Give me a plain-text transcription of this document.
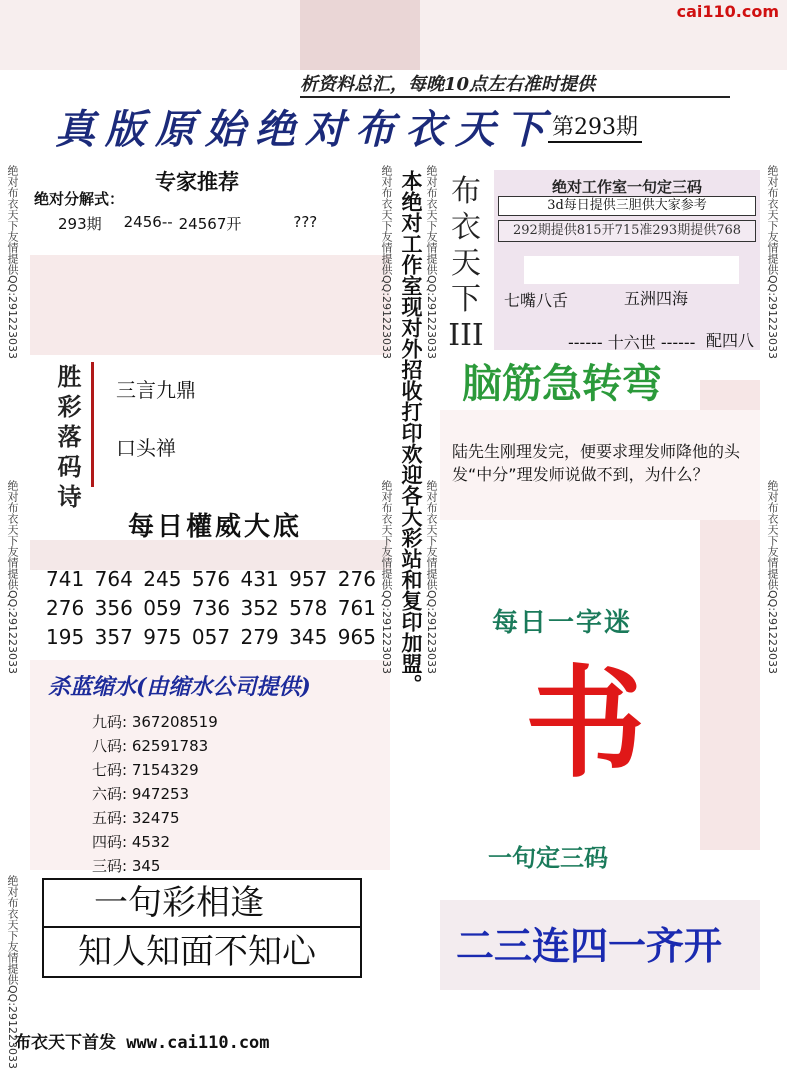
绝对布衣天下友情提供QQ:291223033
绝对布衣天下友情提供QQ:291223033
绝对布衣天下友情提供QQ:291223033
绝对布衣天下友情提供QQ:291223033
绝对布衣天下友情提供QQ:291223033
绝对布衣天下友情提供QQ:291223033
绝对布衣天下友情提供QQ:291223033
绝对布衣天下友情提供QQ:291223033
绝对布衣天下友情提供QQ:291223033
cai110.com
析资料总汇，每晚10点左右准时提供
真版原始绝对布衣天下
第293期
专家推荐
绝对分解式：
293期 2456-- 24567开	???
胜彩落码诗
三言九鼎
口头禅
每日權威大底
741 764 245 576 431 957 276
276 356 059 736 352 578 761
195 357 975 057 279 345 965
杀蓝缩水(由缩水公司提供)
九码: 367208519
八码: 62591783
七码: 7154329
六码: 947253
五码: 32475
四码: 4532
三码: 345
一句彩相逢
知人知面不知心
布衣天下首发 www.cai110.com
本绝对工作室现对外招收打印欢迎各大彩站和复印加盟。 布衣天下III
绝对工作室一句定三码
3d每日提供三胆供大家参考
292期提供815开715准293期提供768
七嘴八舌	五洲四海
------ 十六世 ------ 配四八
脑筋急转弯
陆先生刚理发完，便要求理发师降他的头发“中分”理发师说做不到，为什么？
每日一字迷
书
一句定三码
二三连四一齐开
